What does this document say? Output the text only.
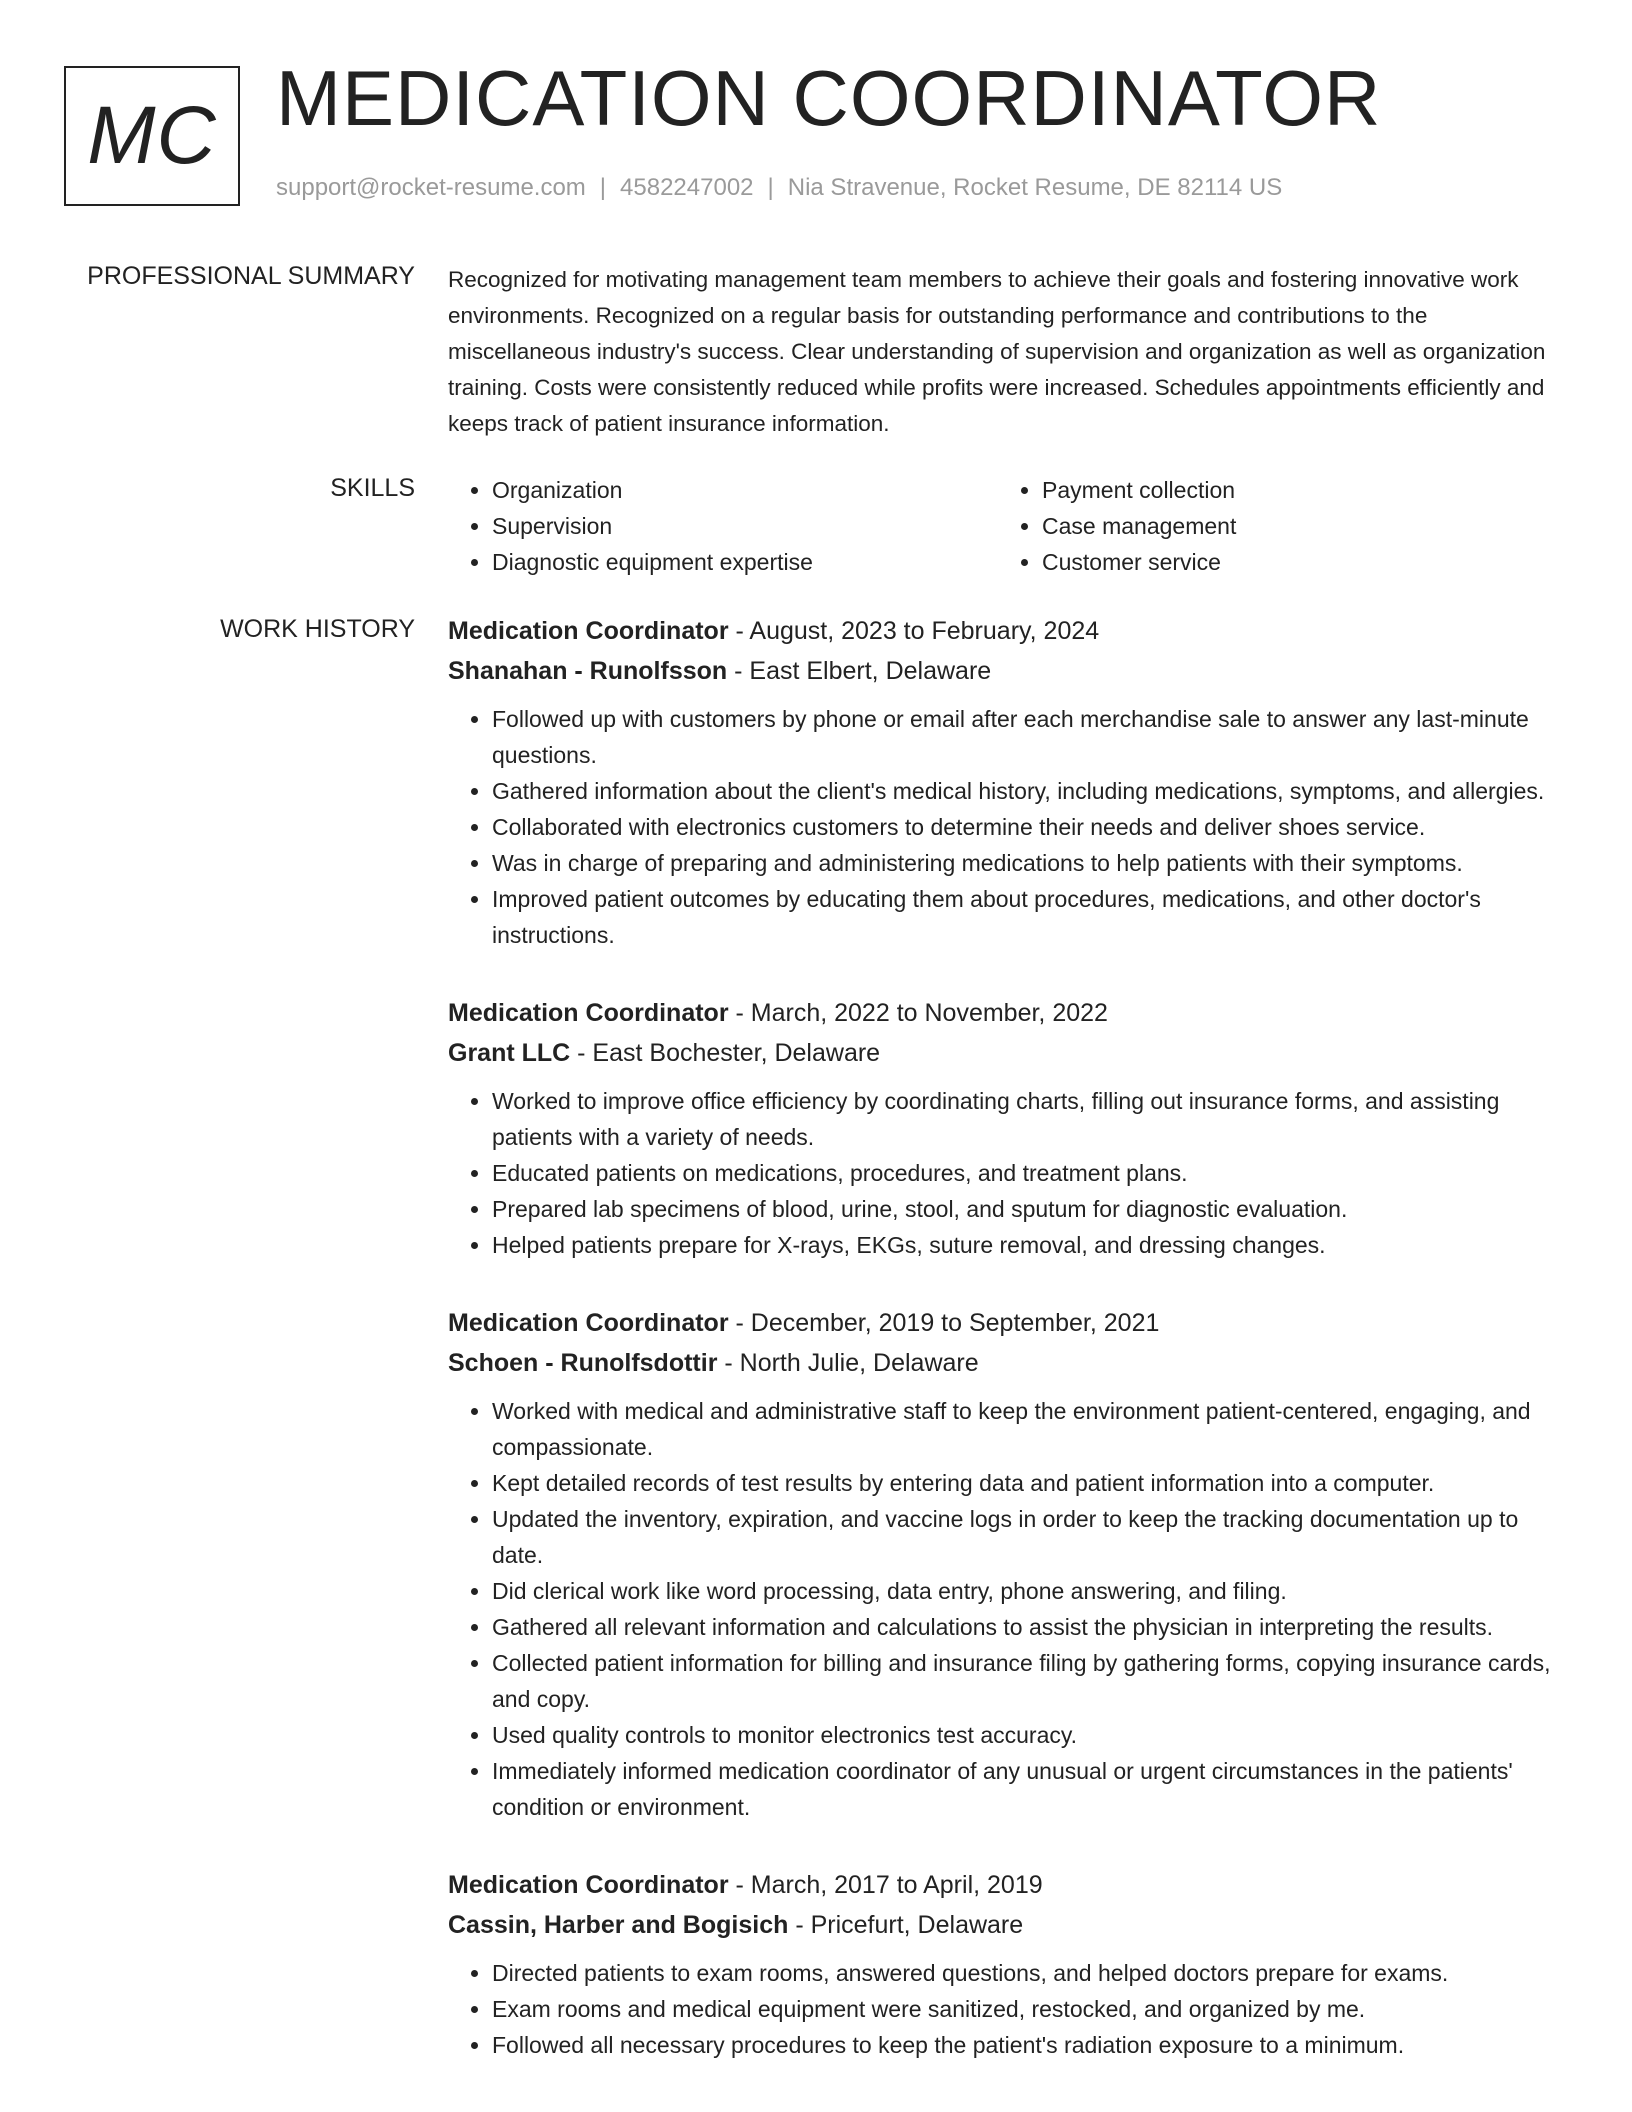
MC MEDICATION COORDINATOR
support@rocket-resume.com | 4582247002 | Nia Stravenue, Rocket Resume, DE 82114 US
PROFESSIONAL SUMMARY Recognized for motivating management team members to achieve their goals and fostering innovative work environments. Recognized on a regular basis for outstanding performance and contributions to the miscellaneous industry's success. Clear understanding of supervision and organization as well as organization training. Costs were consistently reduced while profits were increased. Schedules appointments efficiently and keeps track of patient insurance information.

SKILLS
•	Organization
• Supervision
• Diagnostic equipment expertise
• Payment collection
• Case management
• Customer service
WORK HISTORY Medication Coordinator - August, 2023 to February, 2024
Shanahan - Runolfsson - East Elbert, Delaware
• Followed up with customers by phone or email after each merchandise sale to answer any last-minute questions.
• Gathered information about the client's medical history, including medications, symptoms, and allergies.
• Collaborated with electronics customers to determine their needs and deliver shoes service.
• Was in charge of preparing and administering medications to help patients with their symptoms.
• Improved patient outcomes by educating them about procedures, medications, and other doctor's instructions.
Medication Coordinator - March, 2022 to November, 2022
Grant LLC - East Bochester, Delaware
• Worked to improve office efficiency by coordinating charts, filling out insurance forms, and assisting patients with a variety of needs.
• Educated patients on medications, procedures, and treatment plans.
• Prepared lab specimens of blood, urine, stool, and sputum for diagnostic evaluation.
• Helped patients prepare for X-rays, EKGs, suture removal, and dressing changes.
Medication Coordinator - December, 2019 to September, 2021
Schoen - Runolfsdottir - North Julie, Delaware
• Worked with medical and administrative staff to keep the environment patient-centered, engaging, and compassionate.
• Kept detailed records of test results by entering data and patient information into a computer.
• Updated the inventory, expiration, and vaccine logs in order to keep the tracking documentation up to date.
• Did clerical work like word processing, data entry, phone answering, and filing.
• Gathered all relevant information and calculations to assist the physician in interpreting the results.
• Collected patient information for billing and insurance filing by gathering forms, copying insurance cards, and copy.
• Used quality controls to monitor electronics test accuracy.
• Immediately informed medication coordinator of any unusual or urgent circumstances in the patients' condition or environment.
Medication Coordinator - March, 2017 to April, 2019
Cassin, Harber and Bogisich - Pricefurt, Delaware
• Directed patients to exam rooms, answered questions, and helped doctors prepare for exams.
• Exam rooms and medical equipment were sanitized, restocked, and organized by me.
• Followed all necessary procedures to keep the patient's radiation exposure to a minimum.
